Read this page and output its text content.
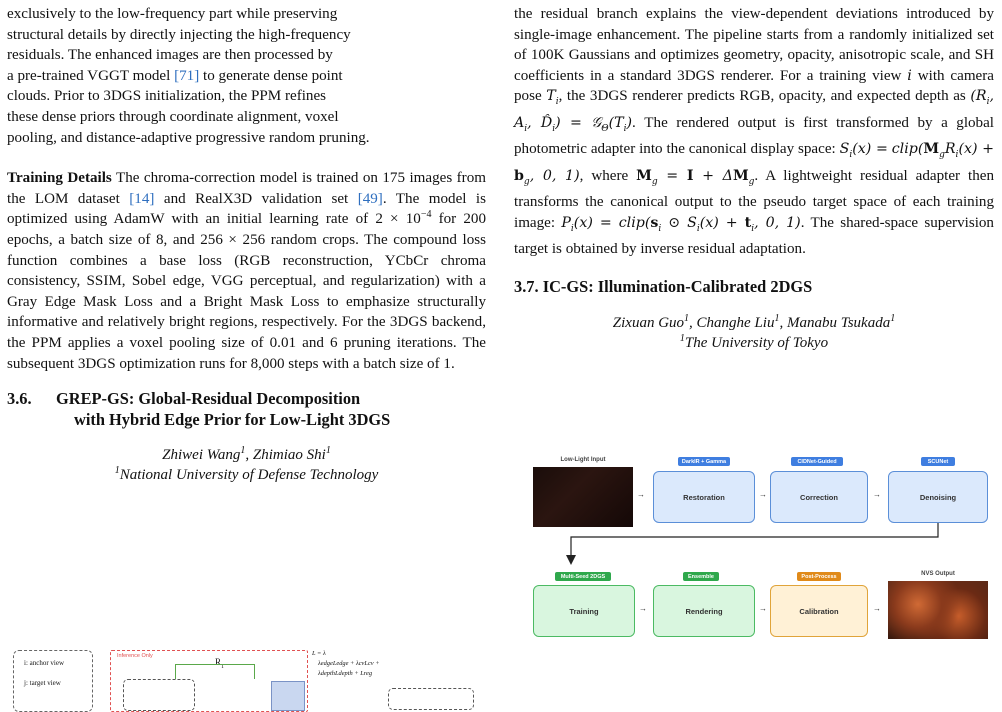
exclusively to the low-frequency part while preserving
structural details by directly injecting the high-frequency
residuals. The enhanced images are then processed by
a pre-trained VGGT model [71] to generate dense point
clouds. Prior to 3DGS initialization, the PPM refines
these dense priors through coordinate alignment, voxel
pooling, and distance-adaptive progressive random pruning.

Training Details The chroma-correction model is trained on 175 images from the LOM dataset [14] and RealX3D validation set [49]. The model is optimized using AdamW with an initial learning rate of $2 \times 10^{-4}$ for 200 epochs, a batch size of 8, and 256 × 256 random crops. The compound loss function combines a base loss (RGB reconstruction, YCbCr chroma consistency, SSIM, Sobel edge, VGG perceptual, and regularization) with a Gray Edge Mask Loss and a Bright Mask Loss to emphasize structurally informative and relatively bright regions, respectively. For the 3DGS backend, the PPM applies a voxel pooling size of 0.01 and 6 pruning iterations. The subsequent 3DGS optimization runs for 8,000 steps with a batch size of 1.

3.6. GREP-GS: Global-Residual Decomposition
with Hybrid Edge Prior for Low-Light 3DGS
Zhiwei Wang$^1$, Zhimiao Shi$^1$
$^1$National University of Defense Technology
i: anchor view
j: target view
Inference Only
$R_1$
L = λ
λedgeLedge + λcvLcv +
λdepthLdepth + Lreg

the residual branch explains the view-dependent deviations introduced by single-image enhancement. The pipeline starts from a randomly initialized set of 100K Gaussians and optimizes geometry, opacity, anisotropic scale, and SH coefficients in a standard 3DGS renderer. For a training view i with camera pose $T_i$, the 3DGS renderer predicts RGB, opacity, and expected depth as ($R_i$, $A_i$, $D̂_i$) = $𝒢_\Theta(T_i)$. The rendered output is first transformed by a global photometric adapter into the canonical display space: $S_i(x)$ = $clip(M_gR_i(x) + b_g$, 0, 1), where $M_g = I + \Delta M_g$. A lightweight residual adapter then transforms the canonical output to the pseudo target space of each training image: $P_i(x)$ = $clip(s_i$ ⊙ $S_i(x) + t_i$, 0, 1). The shared-space supervision target is obtained by inverse residual adaptation.

3.7. IC-GS: Illumination-Calibrated 2DGS
Zixuan Guo$^1$, Changhe Liu$^1$, Manabu Tsukada$^1$
$^1$The University of Tokyo
Low-Light Input
→
DarkIR + Gamma
Restoration	→
CIDNet-Guided
Correction	→
SCUNet
Denoising
Multi-Seed 2DGS
Training	→
Ensemble
Rendering	→
Post-Process
Calibration	→
NVS Output
